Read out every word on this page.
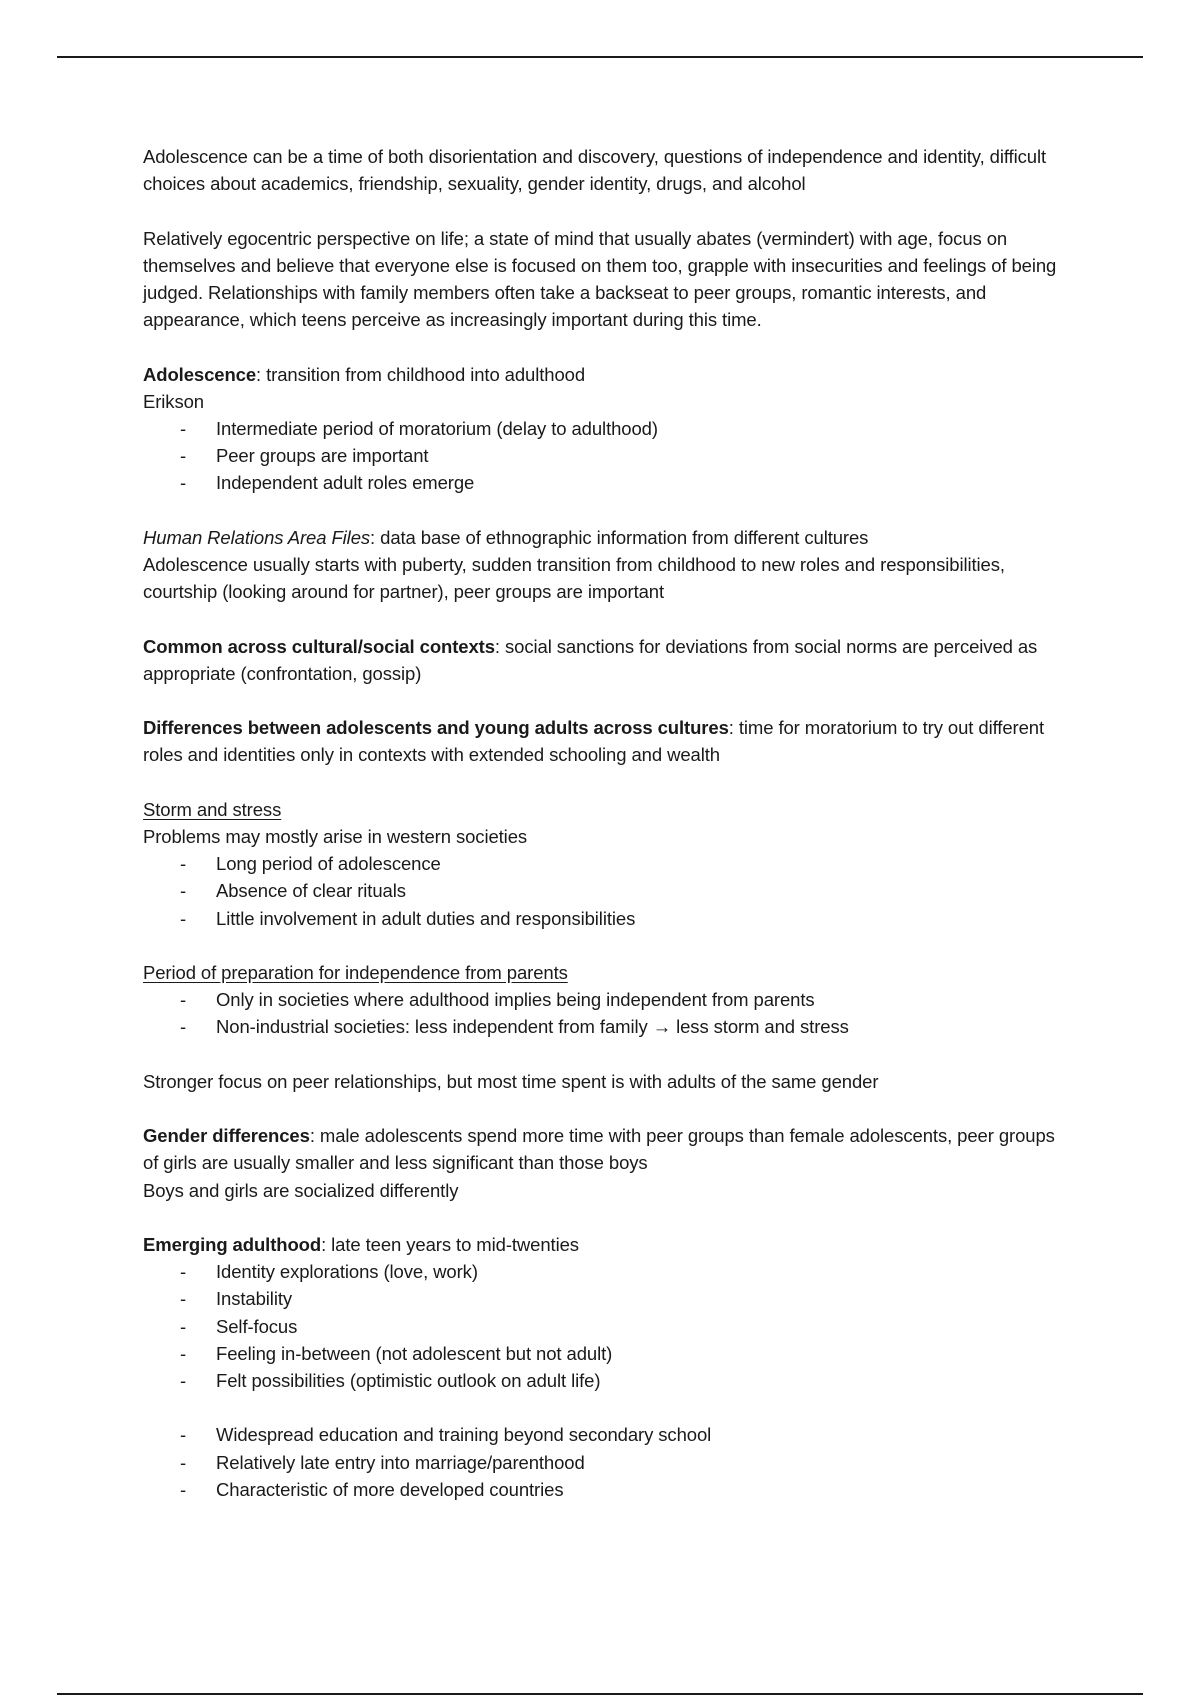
Adolescence can be a time of both disorientation and discovery, questions of independence and identity, difficult choices about academics, friendship, sexuality, gender identity, drugs, and alcohol

Relatively egocentric perspective on life; a state of mind that usually abates (vermindert) with age, focus on themselves and believe that everyone else is focused on them too, grapple with insecurities and feelings of being judged. Relationships with family members often take a backseat to peer groups, romantic interests, and appearance, which teens perceive as increasingly important during this time.

Adolescence: transition from childhood into adulthood

Erikson

- Intermediate period of moratorium (delay to adulthood)
- Peer groups are important
- Independent adult roles emerge

Human Relations Area Files: data base of ethnographic information from different cultures

Adolescence usually starts with puberty, sudden transition from childhood to new roles and responsibilities, courtship (looking around for partner), peer groups are important

Common across cultural/social contexts: social sanctions for deviations from social norms are perceived as appropriate (confrontation, gossip)

Differences between adolescents and young adults across cultures: time for moratorium to try out different roles and identities only in contexts with extended schooling and wealth

Storm and stress

Problems may mostly arise in western societies

- Long period of adolescence
- Absence of clear rituals
- Little involvement in adult duties and responsibilities

Period of preparation for independence from parents

- Only in societies where adulthood implies being independent from parents
- Non-industrial societies: less independent from family → less storm and stress

Stronger focus on peer relationships, but most time spent is with adults of the same gender

Gender differences: male adolescents spend more time with peer groups than female adolescents, peer groups of girls are usually smaller and less significant than those boys

Boys and girls are socialized differently

Emerging adulthood: late teen years to mid-twenties

- Identity explorations (love, work)
- Instability
- Self-focus
- Feeling in-between (not adolescent but not adult)
- Felt possibilities (optimistic outlook on adult life)
- Widespread education and training beyond secondary school
- Relatively late entry into marriage/parenthood
- Characteristic of more developed countries
